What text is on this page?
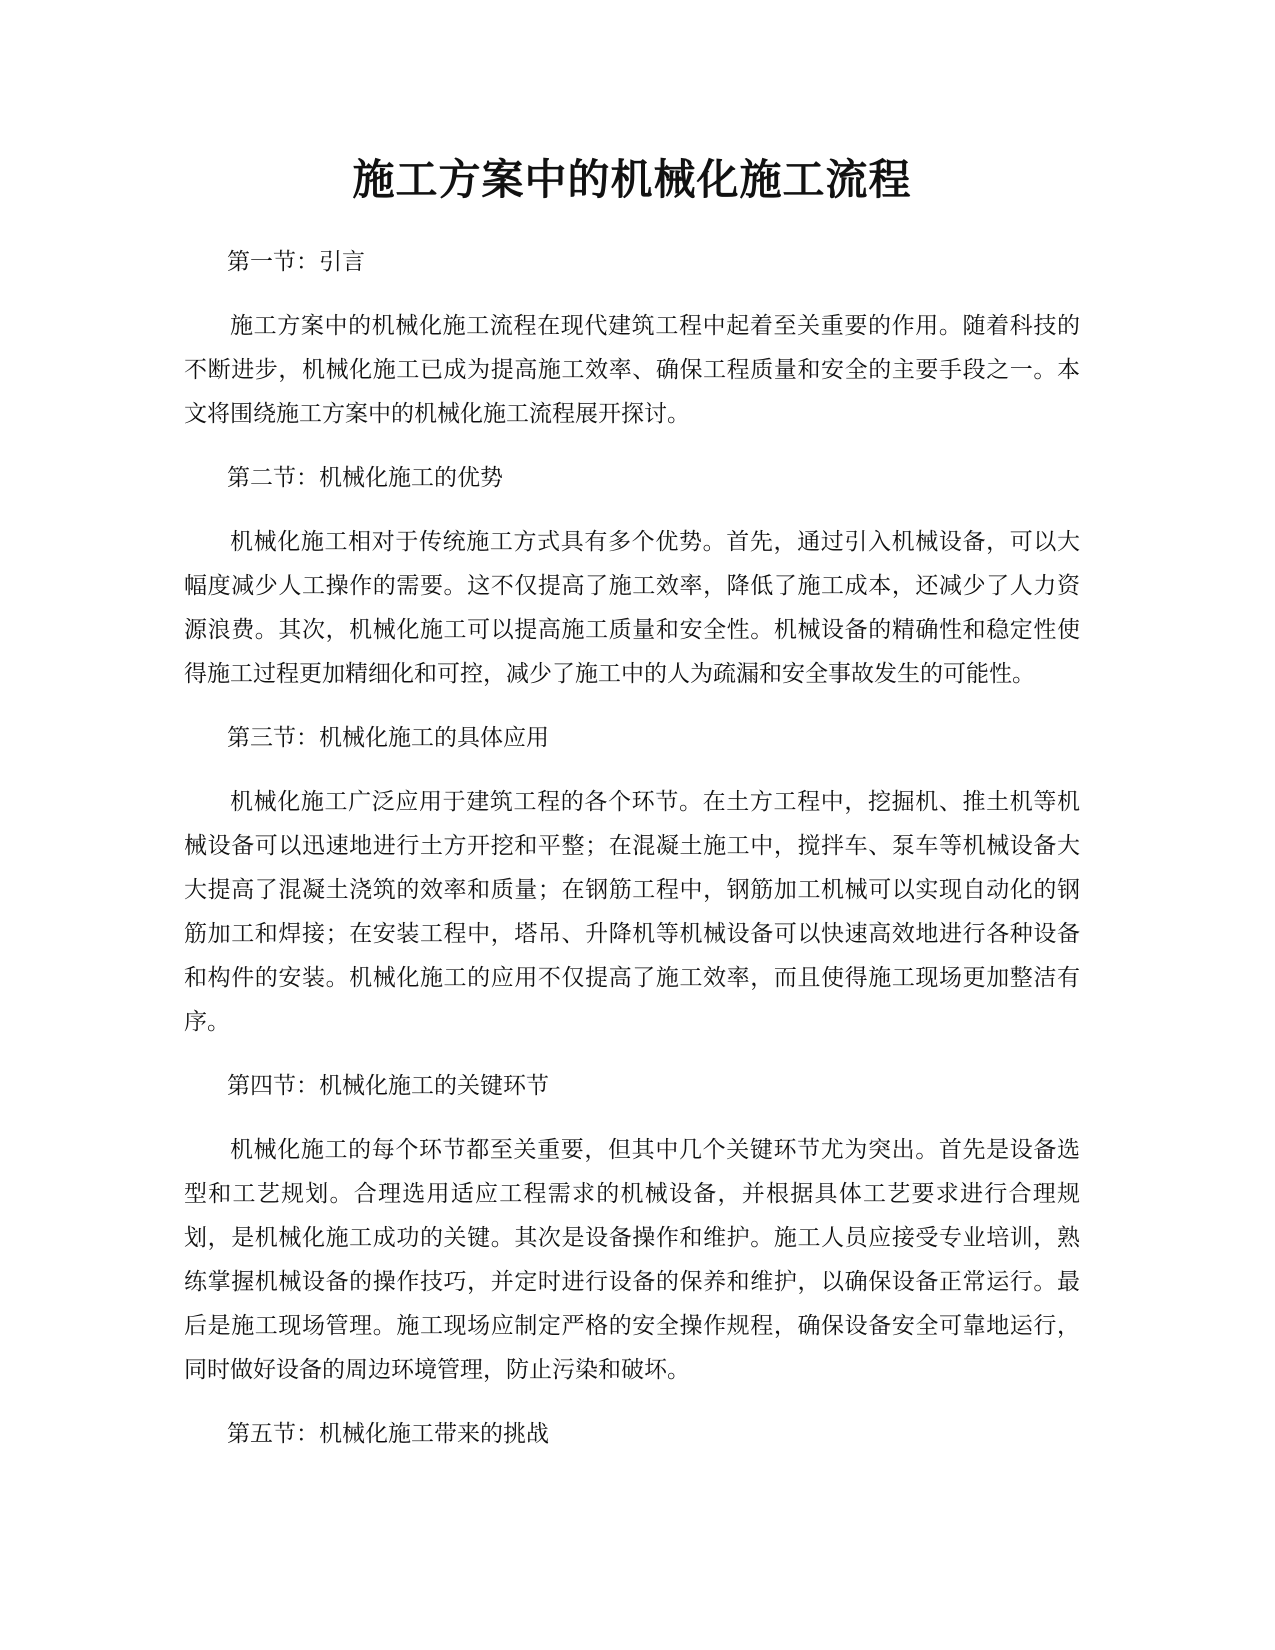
施工方案中的机械化施工流程

第一节：引言

施工方案中的机械化施工流程在现代建筑工程中起着至关重要的作用。随着科技的不断进步，机械化施工已成为提高施工效率、确保工程质量和安全的主要手段之一。本文将围绕施工方案中的机械化施工流程展开探讨。

第二节：机械化施工的优势

机械化施工相对于传统施工方式具有多个优势。首先，通过引入机械设备，可以大幅度减少人工操作的需要。这不仅提高了施工效率，降低了施工成本，还减少了人力资源浪费。其次，机械化施工可以提高施工质量和安全性。机械设备的精确性和稳定性使得施工过程更加精细化和可控，减少了施工中的人为疏漏和安全事故发生的可能性。

第三节：机械化施工的具体应用

机械化施工广泛应用于建筑工程的各个环节。在土方工程中，挖掘机、推土机等机械设备可以迅速地进行土方开挖和平整；在混凝土施工中，搅拌车、泵车等机械设备大大提高了混凝土浇筑的效率和质量；在钢筋工程中，钢筋加工机械可以实现自动化的钢筋加工和焊接；在安装工程中，塔吊、升降机等机械设备可以快速高效地进行各种设备和构件的安装。机械化施工的应用不仅提高了施工效率，而且使得施工现场更加整洁有序。

第四节：机械化施工的关键环节

机械化施工的每个环节都至关重要，但其中几个关键环节尤为突出。首先是设备选型和工艺规划。合理选用适应工程需求的机械设备，并根据具体工艺要求进行合理规划，是机械化施工成功的关键。其次是设备操作和维护。施工人员应接受专业培训，熟练掌握机械设备的操作技巧，并定时进行设备的保养和维护，以确保设备正常运行。最后是施工现场管理。施工现场应制定严格的安全操作规程，确保设备安全可靠地运行，同时做好设备的周边环境管理，防止污染和破坏。

第五节：机械化施工带来的挑战
